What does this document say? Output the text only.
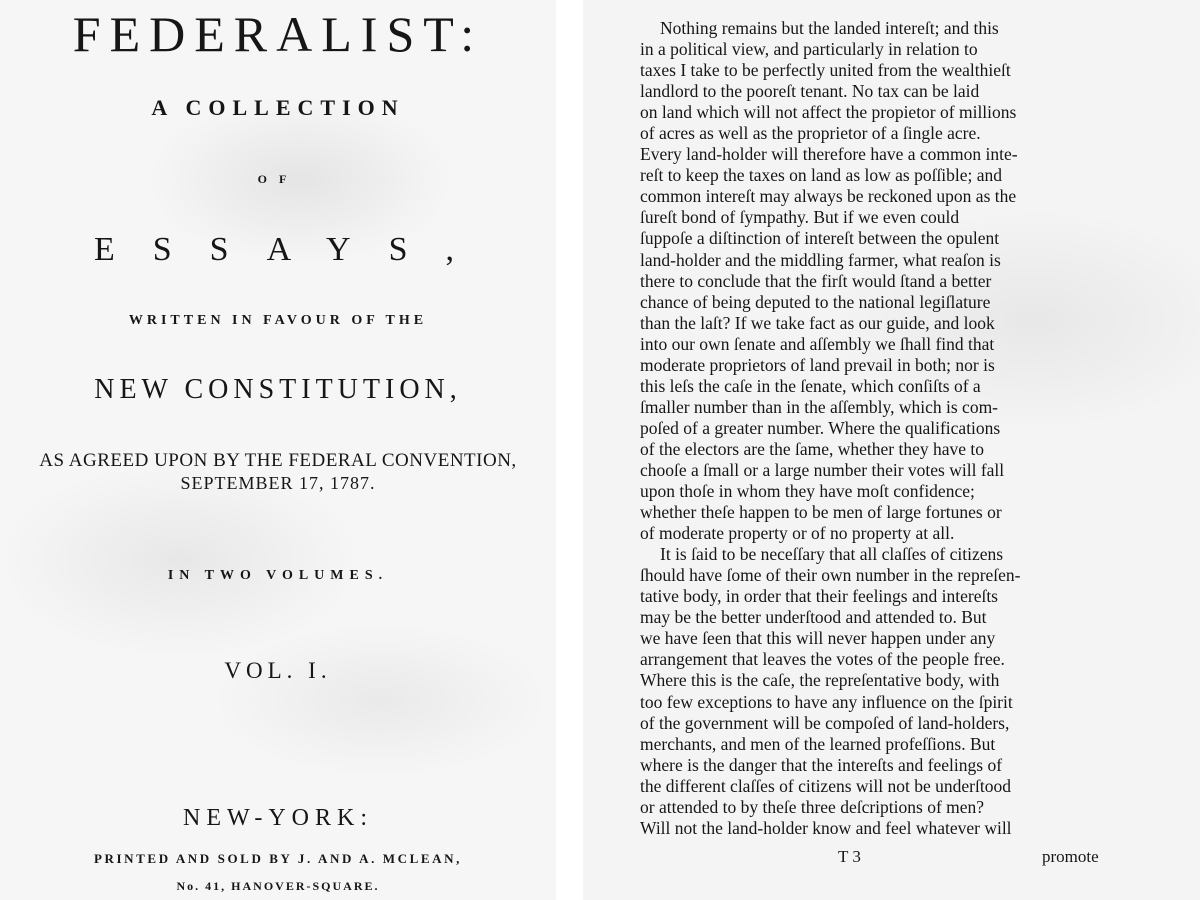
FEDERALIST:
A COLLECTION
OF
ESSAYS,
WRITTEN IN FAVOUR OF THE
NEW CONSTITUTION,
AS AGREED UPON BY THE FEDERAL CONVENTION,
SEPTEMBER 17, 1787.
IN TWO VOLUMES.
VOL. I.
NEW-YORK:
PRINTED AND SOLD BY J. AND A. MCLEAN,
No. 41, HANOVER-SQUARE.
Nothing remains but the landed intereſt; and this
in a political view, and particularly in relation to
taxes I take to be perfectly united from the wealthieſt
landlord to the pooreſt tenant. No tax can be laid
on land which will not affect the propietor of millions
of acres as well as the proprietor of a ſingle acre.
Every land-holder will therefore have a common inte-
reſt to keep the taxes on land as low as poſſible; and
common intereſt may always be reckoned upon as the
ſureſt bond of ſympathy. But if we even could
ſuppoſe a diſtinction of intereſt between the opulent
land-holder and the middling farmer, what reaſon is
there to conclude that the firſt would ſtand a better
chance of being deputed to the national legiſlature
than the laſt? If we take fact as our guide, and look
into our own ſenate and aſſembly we ſhall find that
moderate proprietors of land prevail in both; nor is
this leſs the caſe in the ſenate, which conſiſts of a
ſmaller number than in the aſſembly, which is com-
poſed of a greater number. Where the qualifications
of the electors are the ſame, whether they have to
chooſe a ſmall or a large number their votes will fall
upon thoſe in whom they have moſt confidence;
whether theſe happen to be men of large fortunes or
of moderate property or of no property at all.
It is ſaid to be neceſſary that all claſſes of citizens
ſhould have ſome of their own number in the repreſen-
tative body, in order that their feelings and intereſts
may be the better underſtood and attended to. But
we have ſeen that this will never happen under any
arrangement that leaves the votes of the people free.
Where this is the caſe, the repreſentative body, with
too few exceptions to have any influence on the ſpirit
of the government will be compoſed of land-holders,
merchants, and men of the learned profeſſions. But
where is the danger that the intereſts and feelings of
the different claſſes of citizens will not be underſtood
or attended to by theſe three deſcriptions of men?
Will not the land-holder know and feel whatever will
T 3	promote
